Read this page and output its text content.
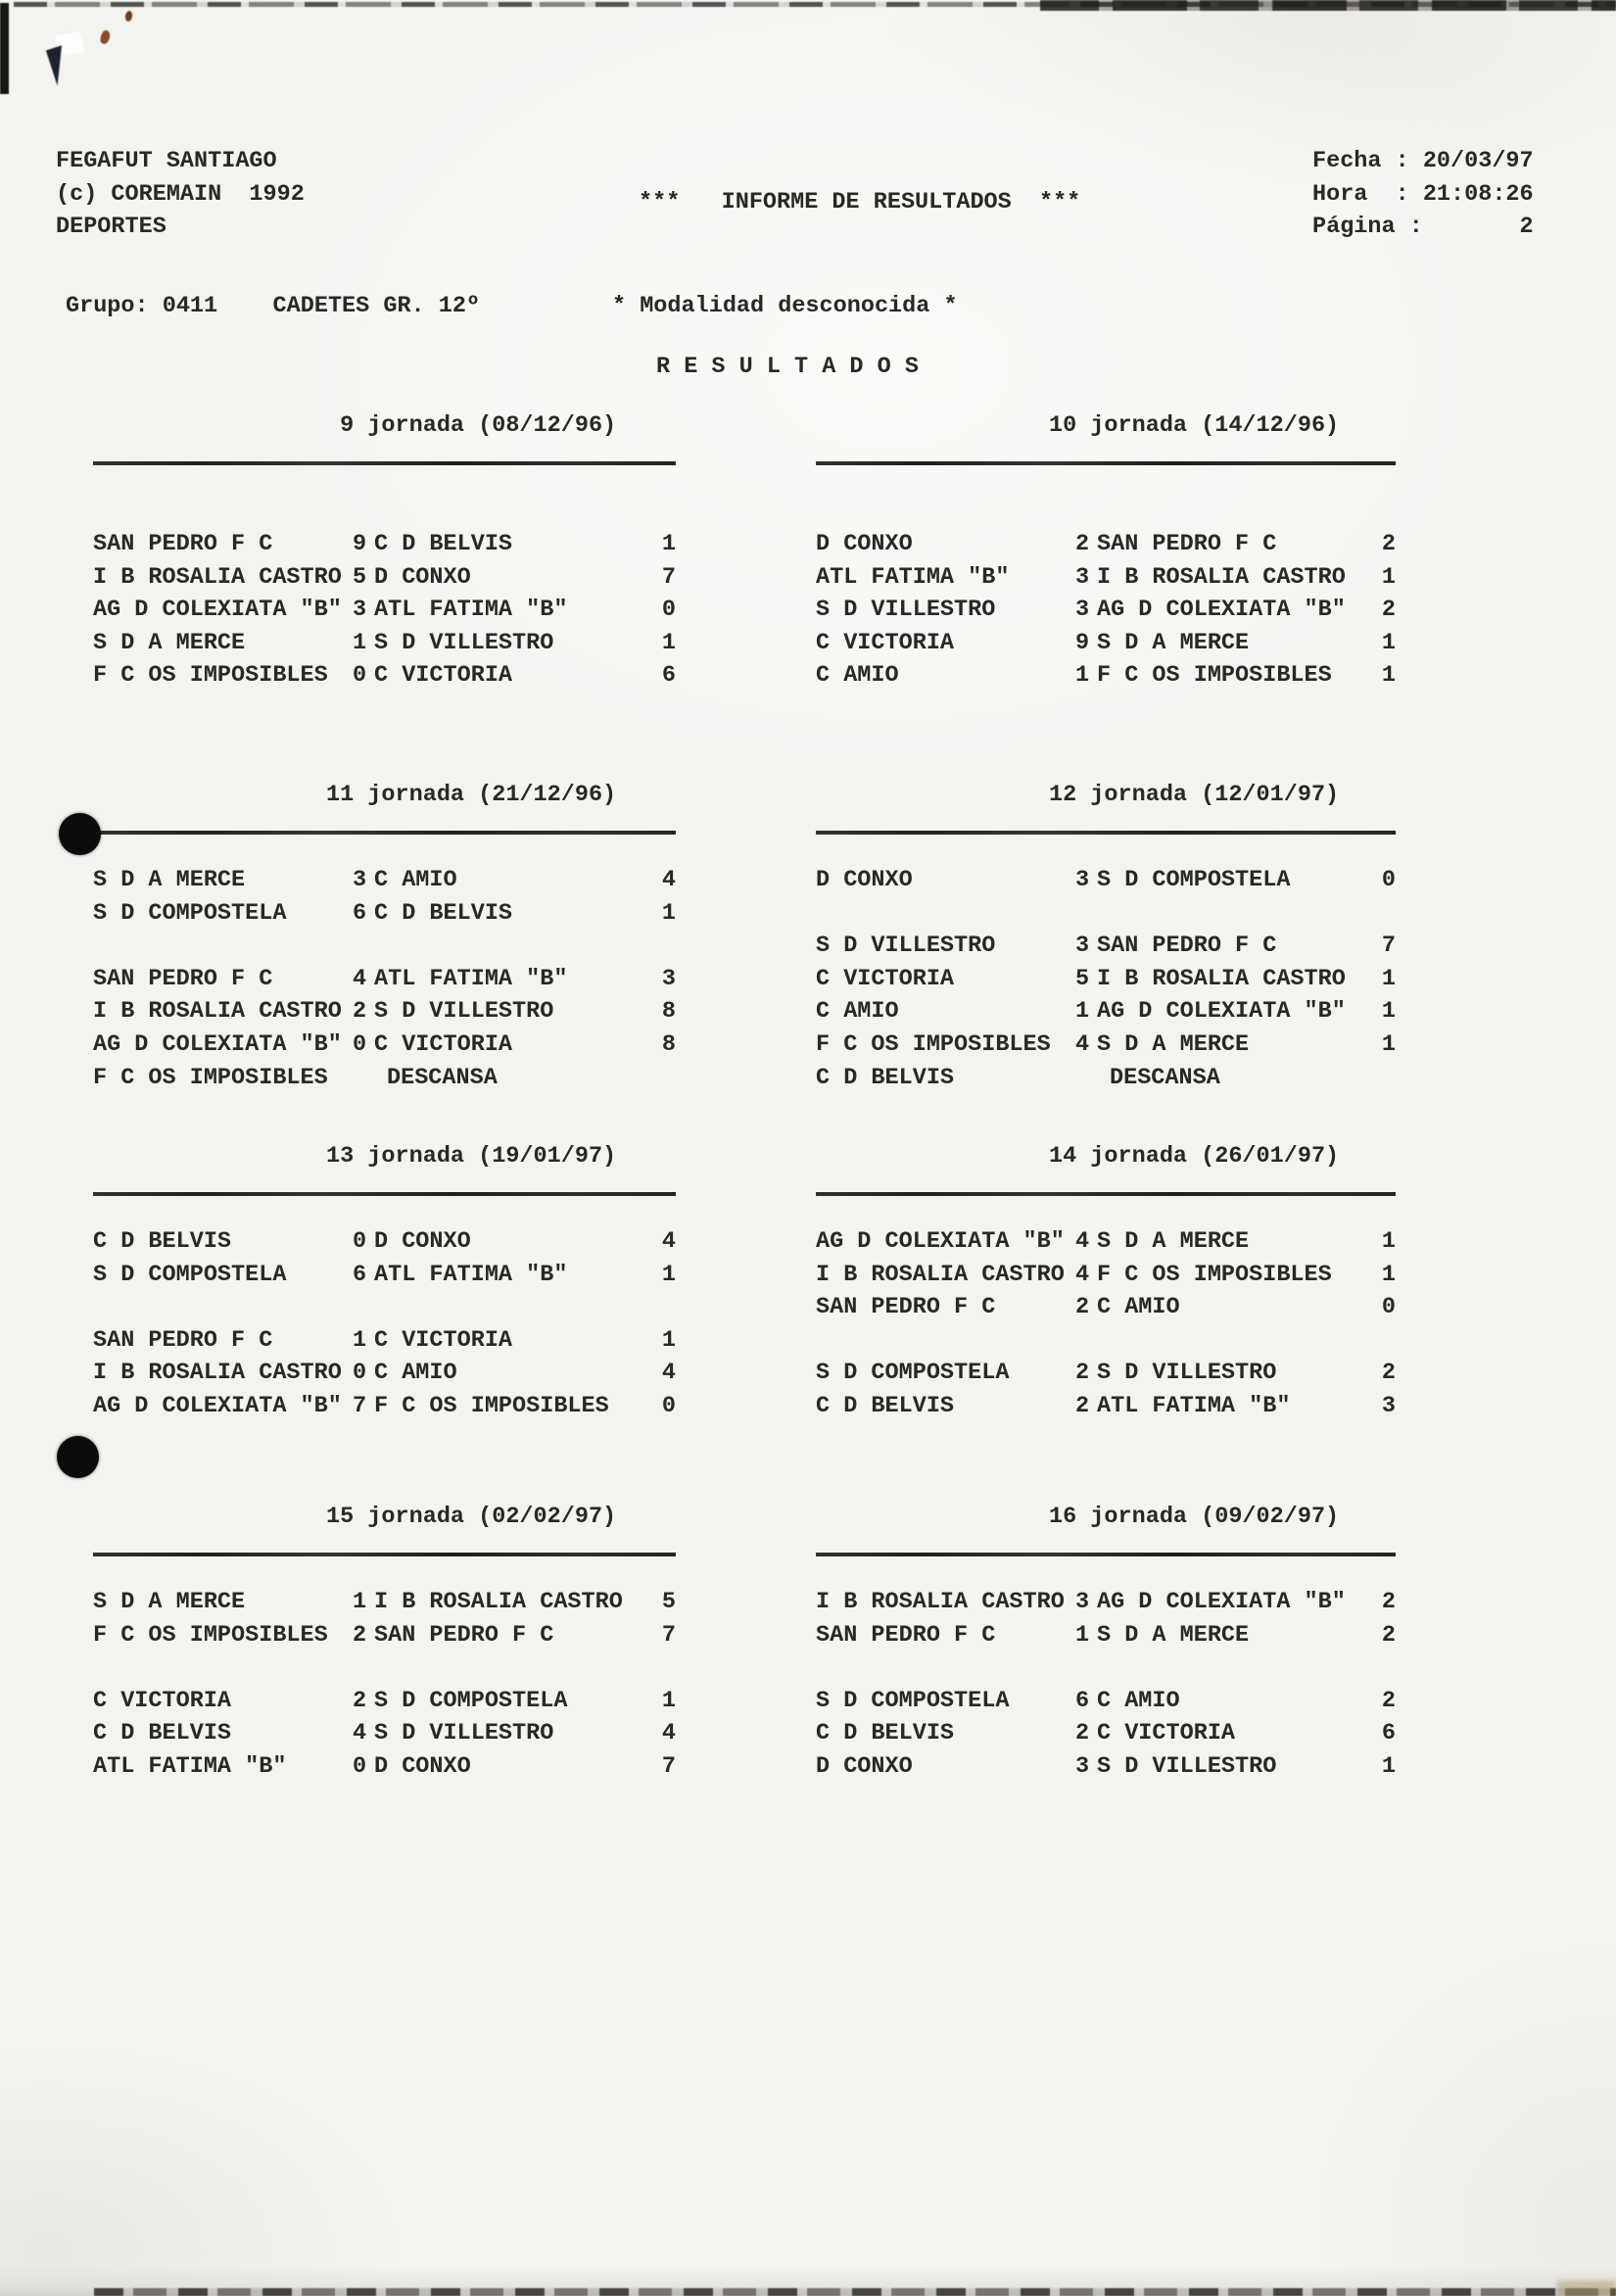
FEGAFUT SANTIAGO
(c) COREMAIN  1992
DEPORTES
***   INFORME DE RESULTADOS  ***
Fecha : 20/03/97
Hora  : 21:08:26
Página :       2
Grupo: 0411    CADETES GR. 12º	* Modalidad desconocida *
R E S U L T A D O S
9 jornada (08/12/96)
SAN PEDRO F C	9 C D BELVIS	1
I B ROSALIA CASTRO 5 D CONXO	7
AG D COLEXIATA "B" 3 ATL FATIMA "B"	0
S D A MERCE	1 S D VILLESTRO	1
F C OS IMPOSIBLES	0 C VICTORIA	6
10 jornada (14/12/96)
D CONXO	2 SAN PEDRO F C	2
ATL FATIMA "B"	3 I B ROSALIA CASTRO	1
S D VILLESTRO	3 AG D COLEXIATA "B"	2
C VICTORIA	9 S D A MERCE	1
C AMIO	1 F C OS IMPOSIBLES	1
11 jornada (21/12/96)
S D A MERCE	3 C AMIO	4
S D COMPOSTELA	6 C D BELVIS	1
SAN PEDRO F C	4 ATL FATIMA "B"	3
I B ROSALIA CASTRO 2 S D VILLESTRO	8
AG D COLEXIATA "B" 0 C VICTORIA	8
F C OS IMPOSIBLES	DESCANSA
12 jornada (12/01/97)
D CONXO	3 S D COMPOSTELA	0
S D VILLESTRO	3 SAN PEDRO F C	7
C VICTORIA	5 I B ROSALIA CASTRO	1
C AMIO	1 AG D COLEXIATA "B"	1
F C OS IMPOSIBLES	4 S D A MERCE	1
C D BELVIS	DESCANSA
13 jornada (19/01/97)
C D BELVIS	0 D CONXO	4
S D COMPOSTELA	6 ATL FATIMA "B"	1
SAN PEDRO F C	1 C VICTORIA	1
I B ROSALIA CASTRO 0 C AMIO	4
AG D COLEXIATA "B" 7 F C OS IMPOSIBLES	0
14 jornada (26/01/97)
AG D COLEXIATA "B" 4 S D A MERCE	1
I B ROSALIA CASTRO 4 F C OS IMPOSIBLES	1
SAN PEDRO F C	2 C AMIO	0
S D COMPOSTELA	2 S D VILLESTRO	2
C D BELVIS	2 ATL FATIMA "B"	3
15 jornada (02/02/97)
S D A MERCE	1 I B ROSALIA CASTRO	5
F C OS IMPOSIBLES	2 SAN PEDRO F C	7
C VICTORIA	2 S D COMPOSTELA	1
C D BELVIS	4 S D VILLESTRO	4
ATL FATIMA "B"	0 D CONXO	7
16 jornada (09/02/97)
I B ROSALIA CASTRO 3 AG D COLEXIATA "B"	2
SAN PEDRO F C	1 S D A MERCE	2
S D COMPOSTELA	6 C AMIO	2
C D BELVIS	2 C VICTORIA	6
D CONXO	3 S D VILLESTRO	1
